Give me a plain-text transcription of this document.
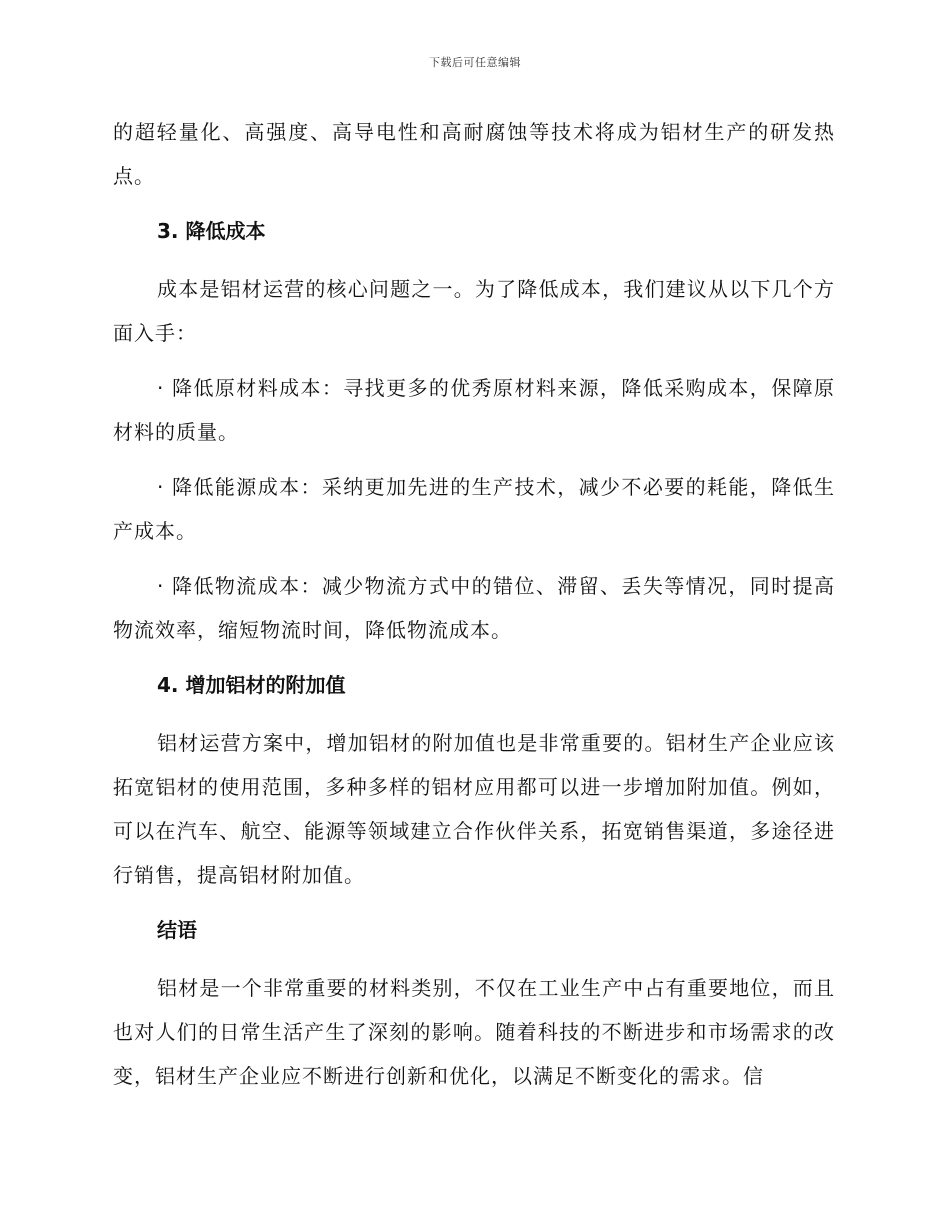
下载后可任意编辑

的超轻量化、高强度、高导电性和高耐腐蚀等技术将成为铝材生产的研发热点。

3. 降低成本

成本是铝材运营的核心问题之一。为了降低成本，我们建议从以下几个方面入手：

· 降低原材料成本：寻找更多的优秀原材料来源，降低采购成本，保障原材料的质量。

· 降低能源成本：采纳更加先进的生产技术，减少不必要的耗能，降低生产成本。

· 降低物流成本：减少物流方式中的错位、滞留、丢失等情况，同时提高物流效率，缩短物流时间，降低物流成本。

4. 增加铝材的附加值

铝材运营方案中，增加铝材的附加值也是非常重要的。铝材生产企业应该拓宽铝材的使用范围，多种多样的铝材应用都可以进一步增加附加值。例如，可以在汽车、航空、能源等领域建立合作伙伴关系，拓宽销售渠道，多途径进行销售，提高铝材附加值。

结语

铝材是一个非常重要的材料类别，不仅在工业生产中占有重要地位，而且也对人们的日常生活产生了深刻的影响。随着科技的不断进步和市场需求的改变，铝材生产企业应不断进行创新和优化，以满足不断变化的需求。信
